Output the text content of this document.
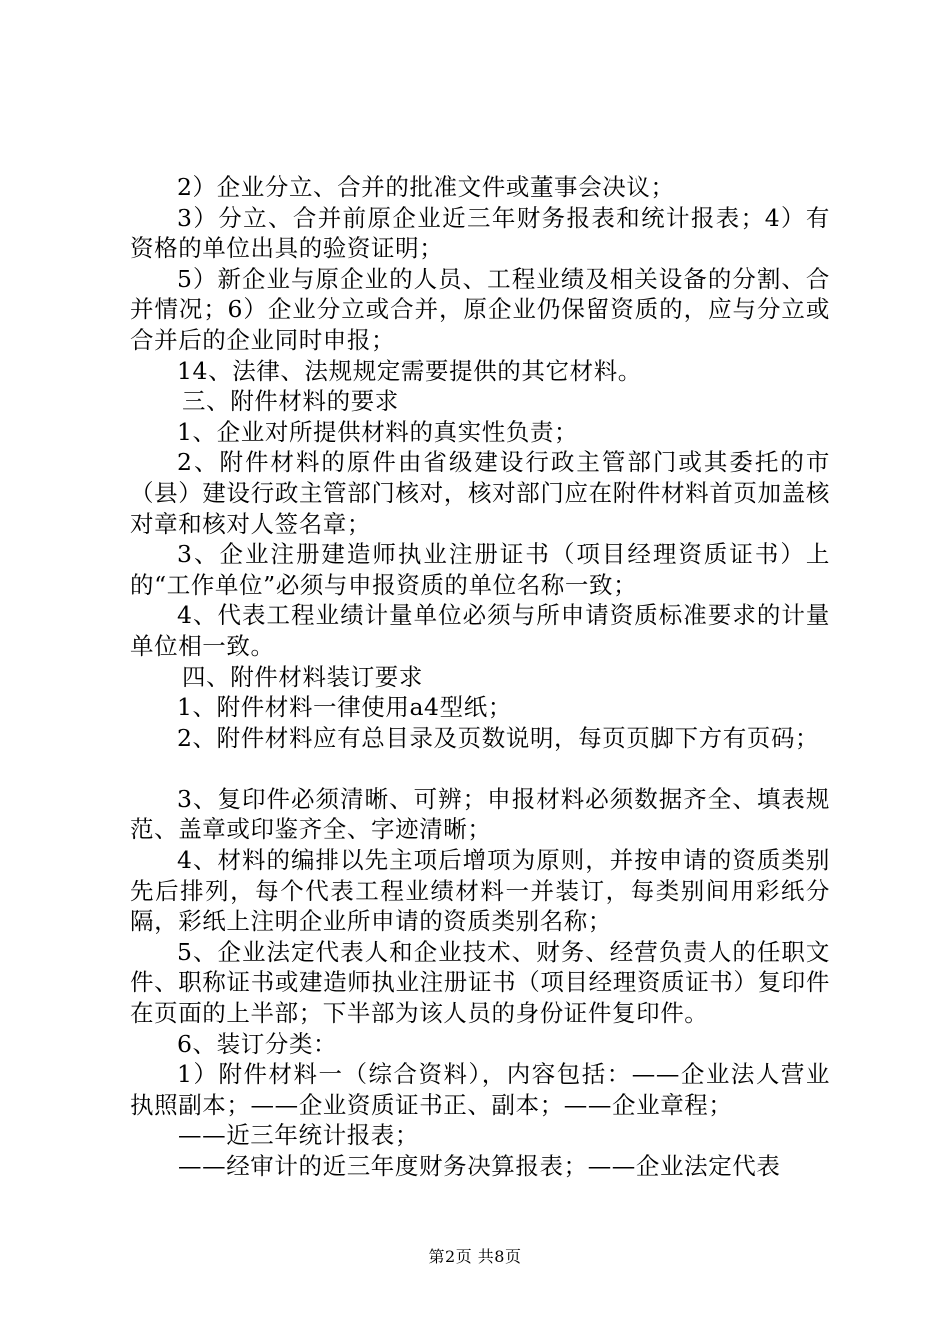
2）企业分立、合并的批准文件或董事会决议；

3）分立、合并前原企业近三年财务报表和统计报表；4）有资格的单位出具的验资证明；

5）新企业与原企业的人员、工程业绩及相关设备的分割、合并情况；6）企业分立或合并，原企业仍保留资质的，应与分立或合并后的企业同时申报；

14、法律、法规规定需要提供的其它材料。

三、附件材料的要求

1、企业对所提供材料的真实性负责；

2、附件材料的原件由省级建设行政主管部门或其委托的市（县）建设行政主管部门核对，核对部门应在附件材料首页加盖核对章和核对人签名章；

3、企业注册建造师执业注册证书（项目经理资质证书）上的“工作单位”必须与申报资质的单位名称一致；

4、代表工程业绩计量单位必须与所申请资质标准要求的计量单位相一致。

四、附件材料装订要求

1、附件材料一律使用a4型纸；

2、附件材料应有总目录及页数说明，每页页脚下方有页码；

3、复印件必须清晰、可辨；申报材料必须数据齐全、填表规范、盖章或印鉴齐全、字迹清晰；

4、材料的编排以先主项后增项为原则，并按申请的资质类别先后排列，每个代表工程业绩材料一并装订，每类别间用彩纸分隔，彩纸上注明企业所申请的资质类别名称；

5、企业法定代表人和企业技术、财务、经营负责人的任职文件、职称证书或建造师执业注册证书（项目经理资质证书）复印件在页面的上半部；下半部为该人员的身份证件复印件。

6、装订分类：

1）附件材料一（综合资料），内容包括：——企业法人营业执照副本；——企业资质证书正、副本；——企业章程；

——近三年统计报表；

——经审计的近三年度财务决算报表；——企业法定代表

第2页 共8页
